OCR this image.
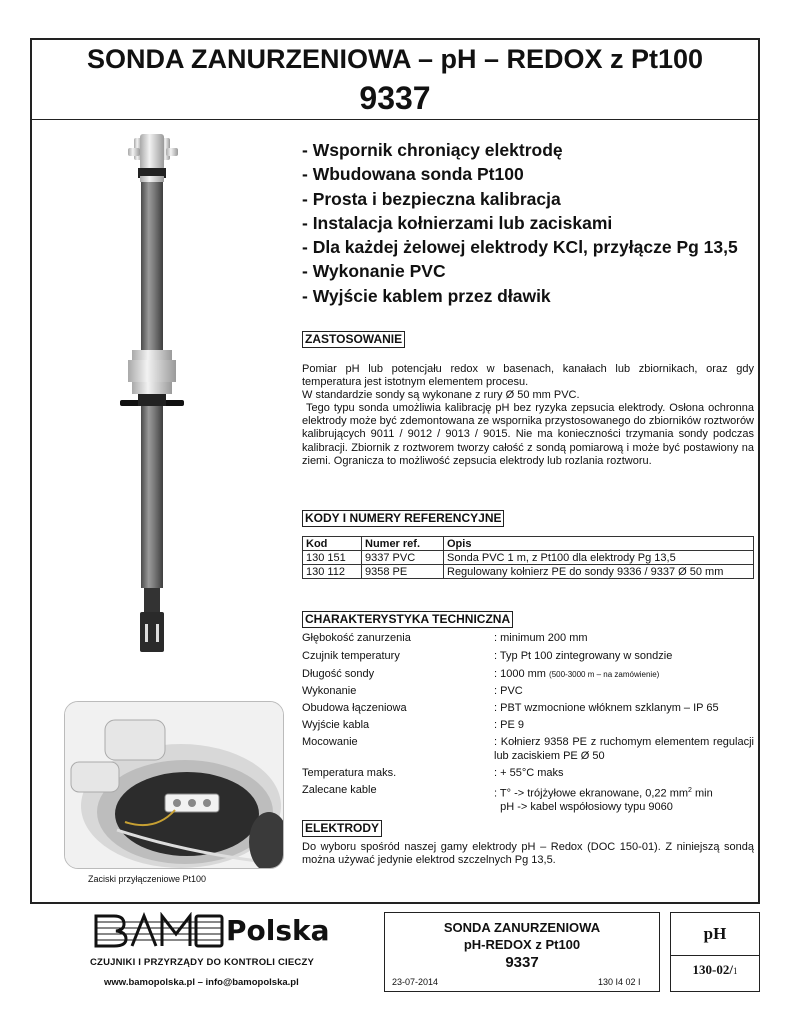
SONDA ZANURZENIOWA – pH – REDOX z Pt100
9337
- Wspornik chroniący elektrodę
- Wbudowana sonda Pt100
- Prosta i bezpieczna kalibracja
- Instalacja kołnierzami lub zaciskami
- Dla każdej żelowej elektrody KCl, przyłącze Pg 13,5
- Wykonanie PVC
- Wyjście kablem przez dławik
ZASTOSOWANIE
Pomiar pH lub potencjału redox w basenach, kanałach lub zbiornikach, oraz gdy temperatura jest istotnym elementem procesu.
W standardzie sondy są wykonane z rury Ø 50 mm PVC.
Tego typu sonda umożliwia kalibrację pH bez ryzyka zepsucia elektrody. Osłona ochronna elektrody może być zdemontowana ze wspornika przystosowanego do zbiorników roztworów kalibrujących 9011 / 9012 / 9013 / 9015. Nie ma konieczności trzymania sondy podczas kalibracji. Zbiornik z roztworem tworzy całość z sondą pomiarową i może być postawiony na ziemi. Ogranicza to możliwość zepsucia elektrody lub rozlania roztworu.
KODY I NUMERY REFERENCYJNE
Kod	Numer ref.	Opis
130 151	9337 PVC	Sonda PVC 1 m, z Pt100 dla elektrody Pg 13,5
130 112	9358 PE	Regulowany kołnierz PE do sondy 9336 / 9337 Ø 50 mm
CHARAKTERYSTYKA TECHNICZNA
Głębokość zanurzenia	: minimum 200 mm
Czujnik temperatury	: Typ Pt 100 zintegrowany w sondzie
Długość sondy	: 1000 mm (500-3000 m – na zamówienie)
Wykonanie	: PVC
Obudowa łączeniowa	: PBT wzmocnione włóknem szklanym – IP 65
Wyjście kabla	: PE 9
Mocowanie	: Kołnierz 9358 PE z ruchomym elementem regulacji lub zaciskiem PE Ø 50
Temperatura maks.	: + 55°C maks
Zalecane kable	: T° -> trójżyłowe ekranowane, 0,22 $mm^2$ min
pH -> kabel współosiowy typu 9060
ELEKTRODY
Do wyboru spośród naszej gamy elektrody pH – Redox (DOC 150-01). Z niniejszą sondą można używać jedynie elektrod szczelnych Pg 13,5.
Zaciski przyłączeniowe Pt100
Polska
CZUJNIKI I PRZYRZĄDY DO KONTROLI CIECZY
www.bamopolska.pl – info@bamopolska.pl
SONDA ZANURZENIOWA
pH-REDOX z Pt100
9337
23-07-2014	130 I4 02 I
pH
130-02/1
